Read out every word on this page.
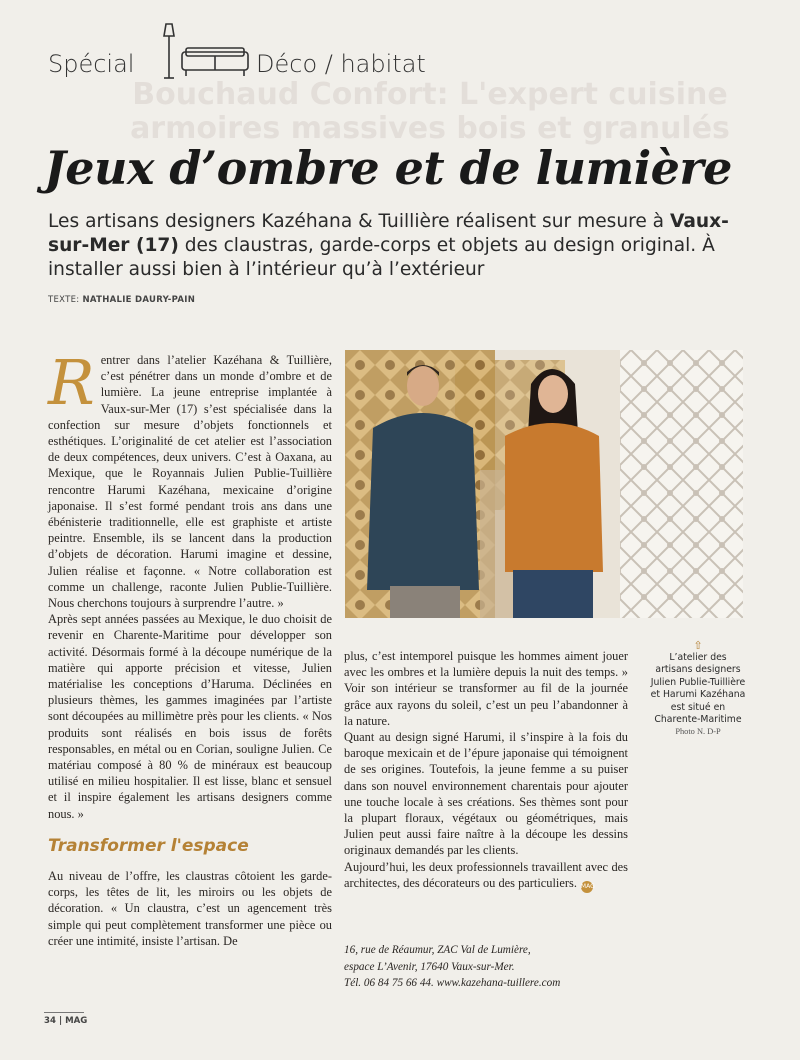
Bouchaud Confort: L'expert cuisine
armoires massives bois et granulés
Spécial	Déco / habitat
Jeux d’ombre et de lumière
Les artisans designers Kazéhana & Tuillière réalisent sur mesure à Vaux-sur-Mer (17) des claustras, garde-corps et objets au design original. À installer aussi bien à l’intérieur qu’à l’extérieur
TEXTE: NATHALIE DAURY-PAIN

Rentrer dans l’atelier Kazéhana & Tuillière, c’est pénétrer dans un monde d’ombre et de lumière. La jeune entreprise implantée à Vaux-sur-Mer (17) s’est spécialisée dans la confection sur mesure d’objets fonctionnels et esthétiques. L’originalité de cet atelier est l’association de deux compétences, deux univers. C’est à Oaxana, au Mexique, que le Royannais Julien Publie-Tuillière rencontre Harumi Kazéhana, mexicaine d’origine japonaise. Il s’est formé pendant trois ans dans une ébénisterie traditionnelle, elle est graphiste et artiste peintre. Ensemble, ils se lancent dans la production d’objets de décoration. Harumi imagine et dessine, Julien réalise et façonne. « Notre collaboration est comme un challenge, raconte Julien Publie-Tuillière. Nous cherchons toujours à surprendre l’autre. »

Après sept années passées au Mexique, le duo choisit de revenir en Charente-Maritime pour développer son activité. Désormais formé à la découpe numérique de la matière qui apporte précision et vitesse, Julien matérialise les conceptions d’Haruma. Déclinées en plusieurs thèmes, les gammes imaginées par l’artiste sont découpées au millimètre près pour les clients. « Nos produits sont réalisés en bois issus de forêts responsables, en métal ou en Corian, souligne Julien. Ce matériau composé à 80 % de minéraux est beaucoup utilisé en milieu hospitalier. Il est lisse, blanc et sensuel et il inspire également les artisans designers comme nous. »

Transformer l'espace

Au niveau de l’offre, les claustras côtoient les garde-corps, les têtes de lit, les miroirs ou les objets de décoration. « Un claustra, c’est un agencement très simple qui peut complètement transformer une pièce ou créer une intimité, insiste l’artisan. De

⇧
L’atelier des artisans designers Julien Publie-Tuillière et Harumi Kazéhana est situé en Charente-Maritime
Photo N. D-P

plus, c’est intemporel puisque les hommes aiment jouer avec les ombres et la lumière depuis la nuit des temps. » Voir son intérieur se transformer au fil de la journée grâce aux rayons du soleil, c’est un peu l’abandonner à la nature.

Quant au design signé Harumi, il s’inspire à la fois du baroque mexicain et de l’épure japonaise qui témoignent de ses origines. Toutefois, la jeune femme a su puiser dans son nouvel environnement charentais pour ajouter une touche locale à ses créations. Ses thèmes sont pour la plupart floraux, végétaux ou géométriques, mais Julien peut aussi faire naître à la découpe les dessins originaux demandés par les clients.

Aujourd’hui, les deux professionnels travaillent avec des architectes, des décorateurs ou des particuliers. MAG

16, rue de Réaumur, ZAC Val de Lumière,
espace L’Avenir, 17640 Vaux-sur-Mer.
Tél. 06 84 75 66 44. www.kazehana-tuillere.com
34 | MAG
